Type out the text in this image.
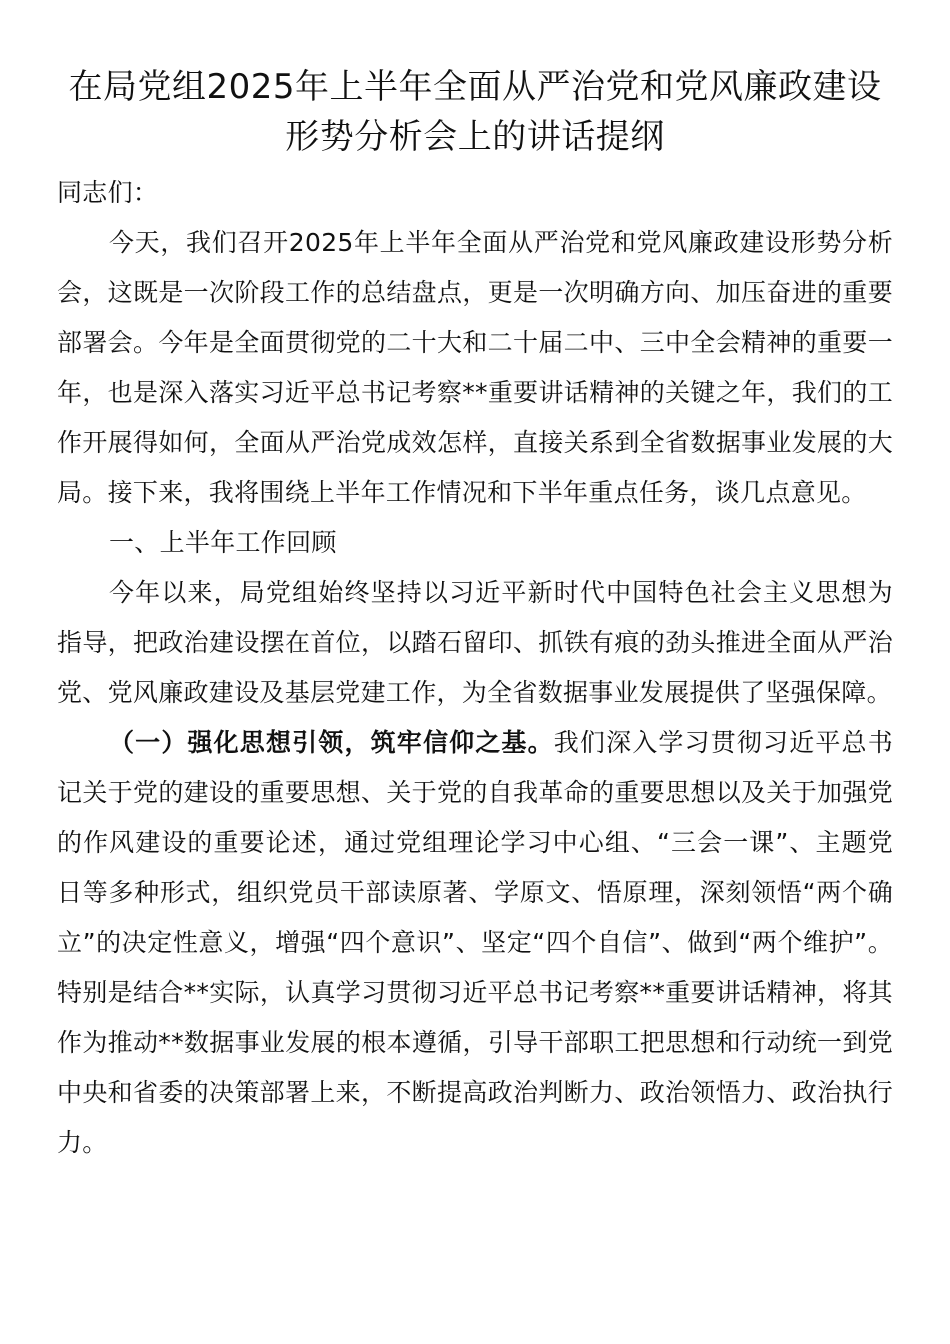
在局党组2025年上半年全面从严治党和党风廉政建设形势分析会上的讲话提纲

同志们：

今天，我们召开2025年上半年全面从严治党和党风廉政建设形势分析会，这既是一次阶段工作的总结盘点，更是一次明确方向、加压奋进的重要部署会。今年是全面贯彻党的二十大和二十届二中、三中全会精神的重要一年，也是深入落实习近平总书记考察**重要讲话精神的关键之年，我们的工作开展得如何，全面从严治党成效怎样，直接关系到全省数据事业发展的大局。接下来，我将围绕上半年工作情况和下半年重点任务，谈几点意见。

一、上半年工作回顾

今年以来，局党组始终坚持以习近平新时代中国特色社会主义思想为指导，把政治建设摆在首位，以踏石留印、抓铁有痕的劲头推进全面从严治党、党风廉政建设及基层党建工作，为全省数据事业发展提供了坚强保障。

（一）强化思想引领，筑牢信仰之基。我们深入学习贯彻习近平总书记关于党的建设的重要思想、关于党的自我革命的重要思想以及关于加强党的作风建设的重要论述，通过党组理论学习中心组、“三会一课”、主题党日等多种形式，组织党员干部读原著、学原文、悟原理，深刻领悟“两个确立”的决定性意义，增强“四个意识”、坚定“四个自信”、做到“两个维护”。特别是结合**实际，认真学习贯彻习近平总书记考察**重要讲话精神，将其作为推动**数据事业发展的根本遵循，引导干部职工把思想和行动统一到党中央和省委的决策部署上来，不断提高政治判断力、政治领悟力、政治执行力。
